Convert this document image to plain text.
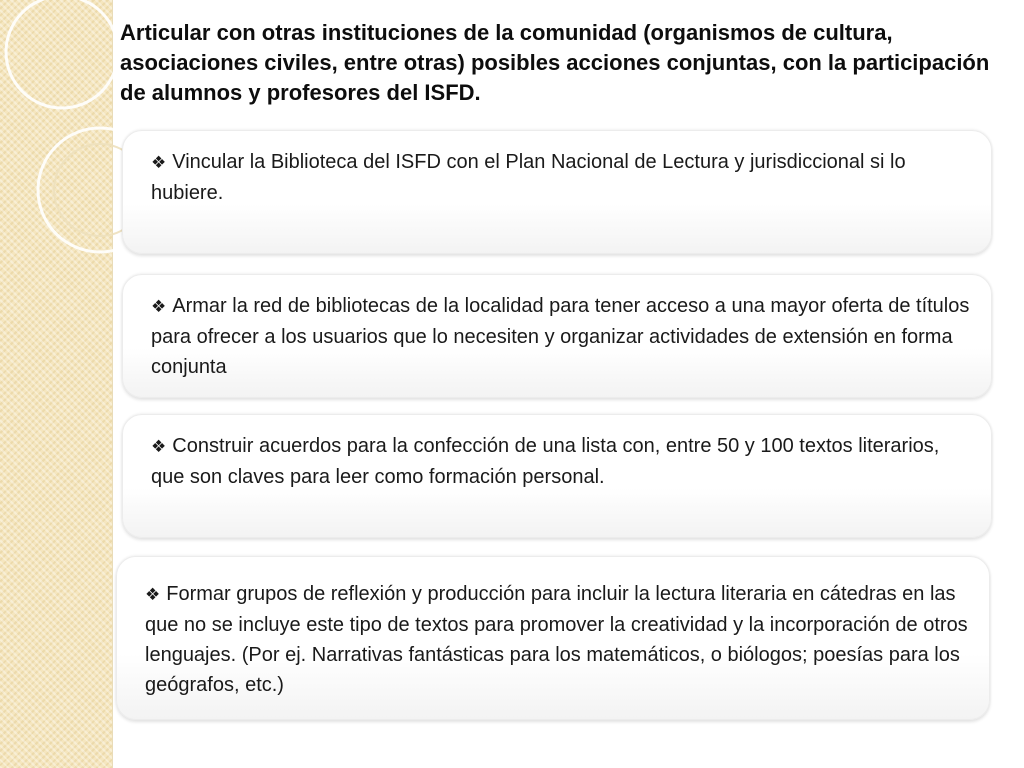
Articular con otras instituciones de la comunidad (organismos de cultura, asociaciones civiles, entre otras) posibles acciones conjuntas, con la participación de alumnos y profesores del ISFD.
❖ Vincular la Biblioteca del ISFD con el Plan Nacional de Lectura y jurisdiccional si lo hubiere.
❖ Armar la red de bibliotecas de la localidad para tener acceso a una mayor oferta de títulos para ofrecer a los usuarios que lo necesiten y organizar actividades de extensión en forma conjunta
❖ Construir acuerdos para la confección de una lista con, entre 50 y 100 textos literarios, que son claves para leer como formación personal.
❖ Formar grupos de reflexión y producción para incluir la lectura literaria en cátedras en las que no se incluye este tipo de textos para promover la creatividad y la incorporación de otros lenguajes. (Por ej. Narrativas fantásticas para los matemáticos, o biólogos; poesías para los geógrafos, etc.)
